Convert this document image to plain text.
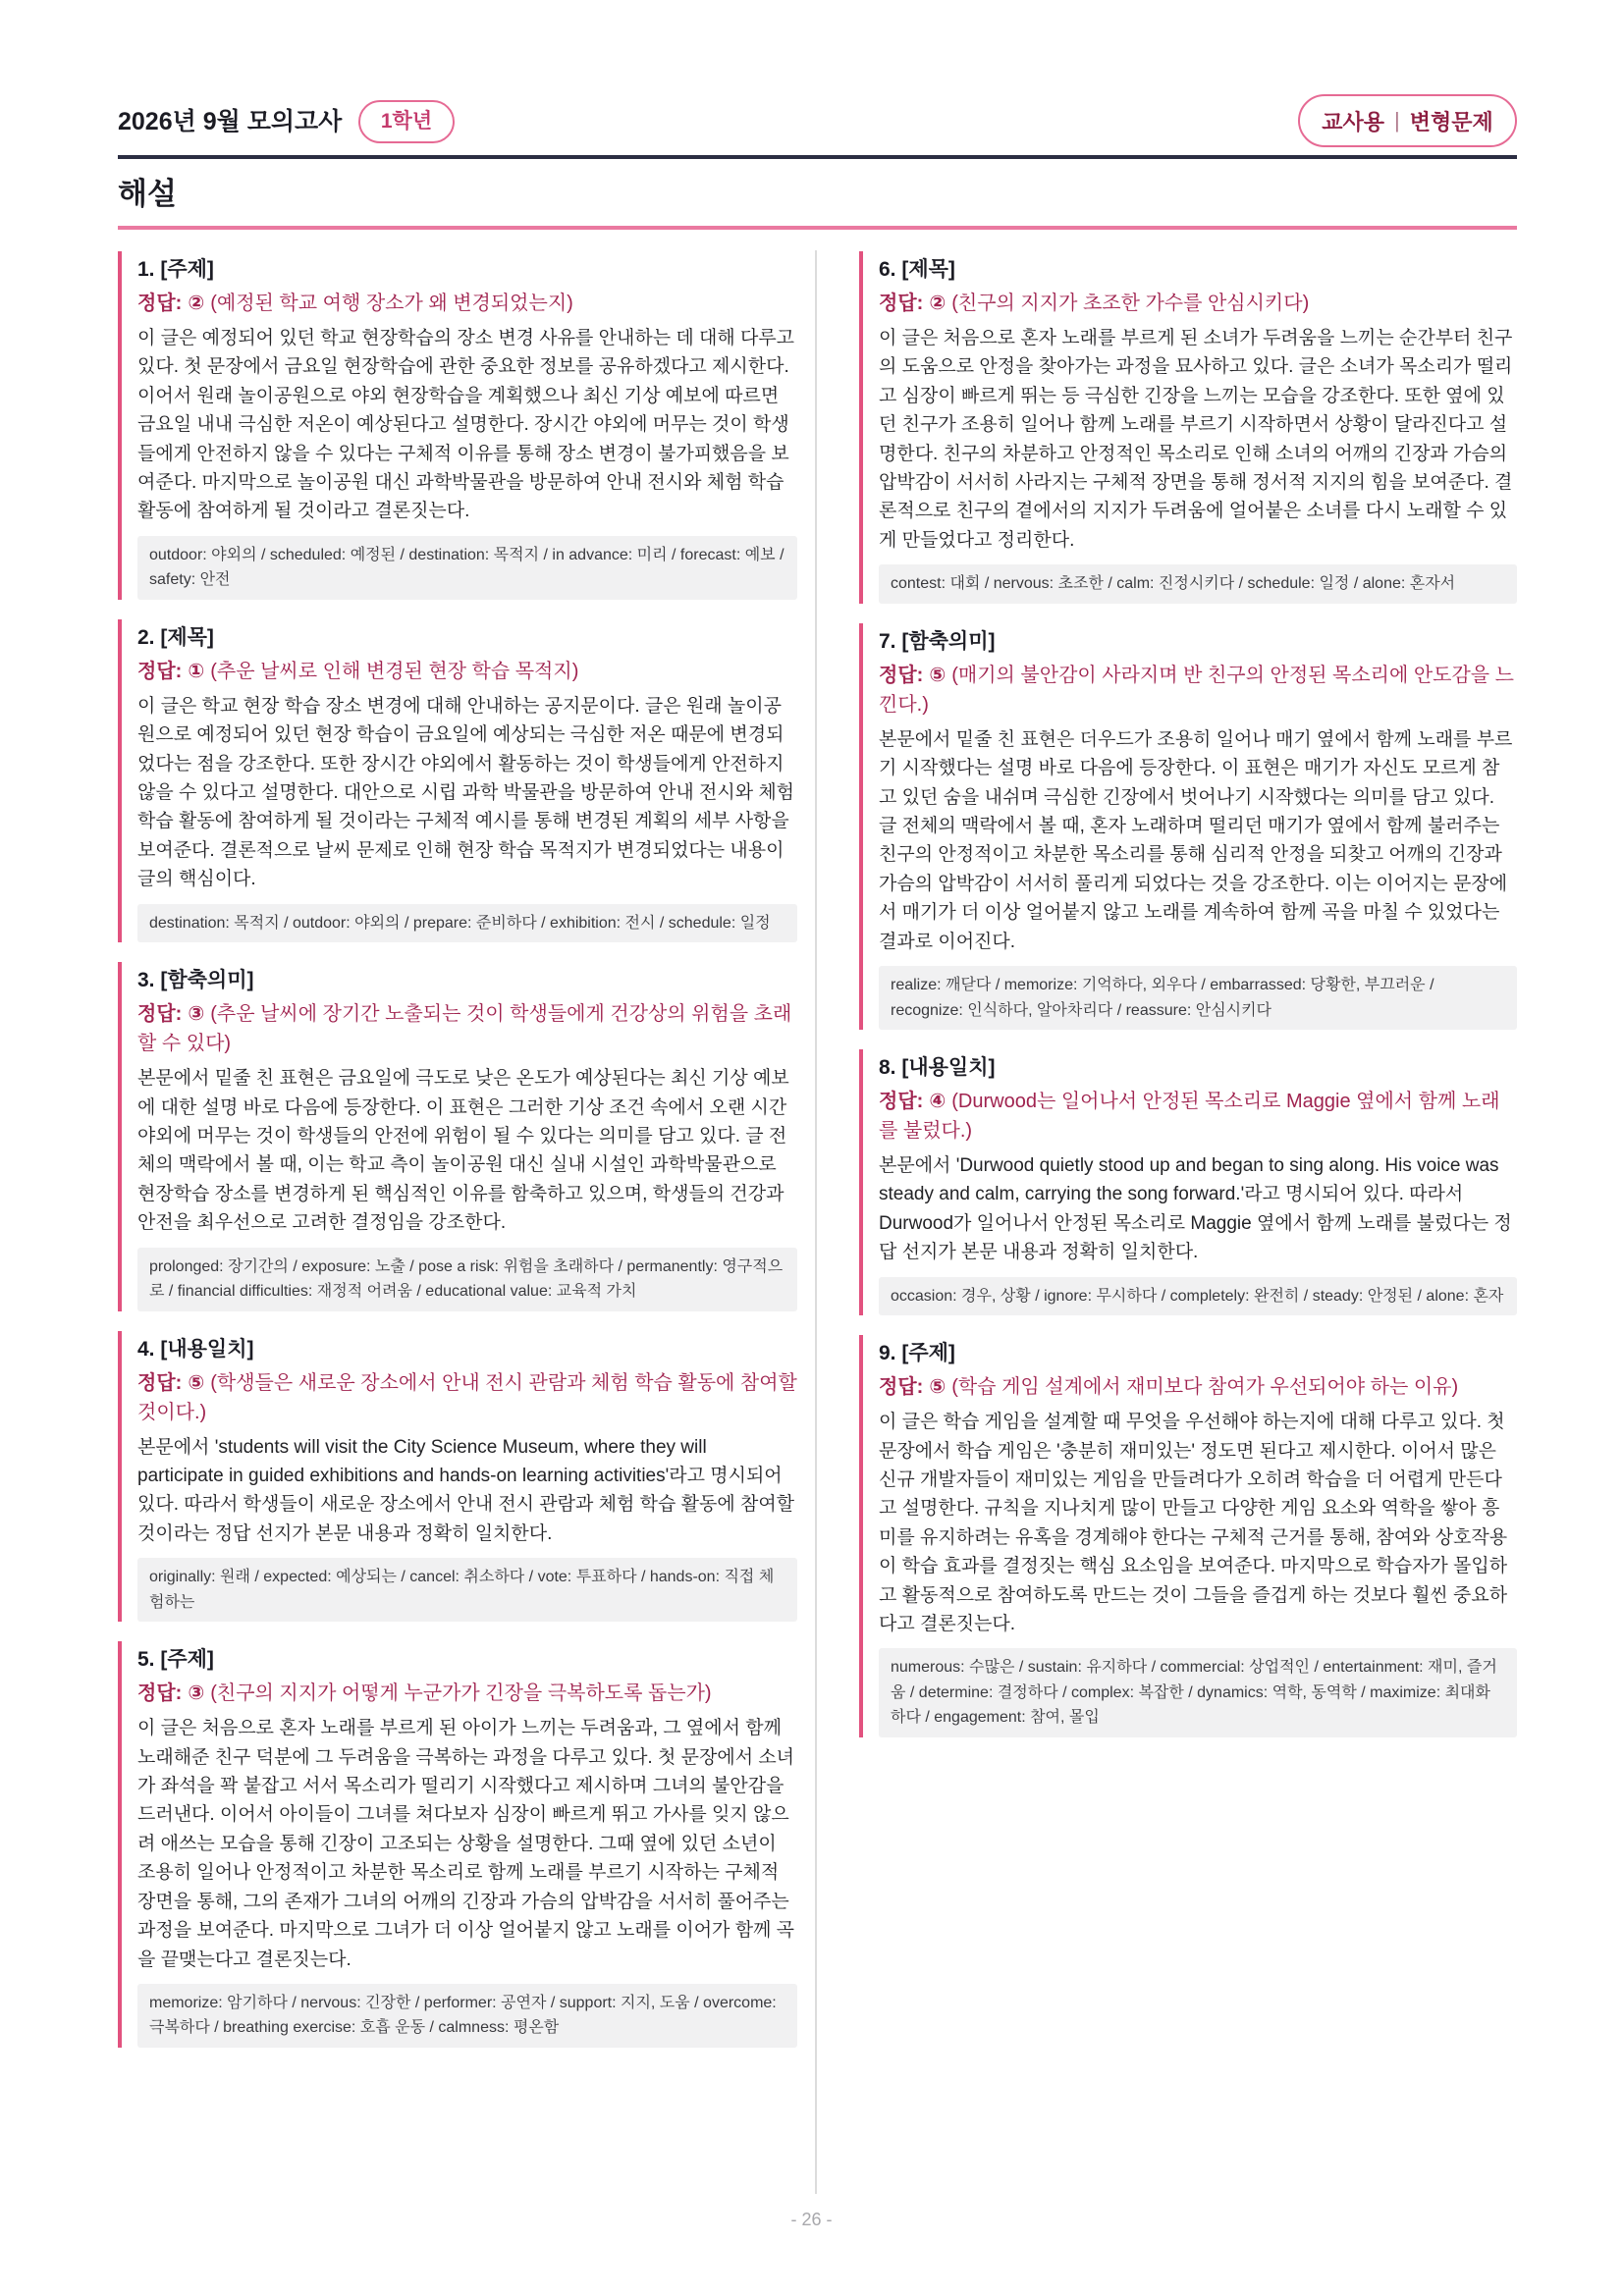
2026년 9월 모의고사	1학년	교사용 | 변형문제
해설
1. [주제]
정답: ② (예정된 학교 여행 장소가 왜 변경되었는지)

이 글은 예정되어 있던 학교 현장학습의 장소 변경 사유를 안내하는 데 대해 다루고 있다. 첫 문장에서 금요일 현장학습에 관한 중요한 정보를 공유하겠다고 제시한다. 이어서 원래 놀이공원으로 야외 현장학습을 계획했으나 최신 기상 예보에 따르면 금요일 내내 극심한 저온이 예상된다고 설명한다. 장시간 야외에 머무는 것이 학생들에게 안전하지 않을 수 있다는 구체적 이유를 통해 장소 변경이 불가피했음을 보여준다. 마지막으로 놀이공원 대신 과학박물관을 방문하여 안내 전시와 체험 학습 활동에 참여하게 될 것이라고 결론짓는다.

outdoor: 야외의 / scheduled: 예정된 / destination: 목적지 / in advance: 미리 / forecast: 예보 / safety: 안전
2. [제목]
정답: ① (추운 날씨로 인해 변경된 현장 학습 목적지)

이 글은 학교 현장 학습 장소 변경에 대해 안내하는 공지문이다. 글은 원래 놀이공원으로 예정되어 있던 현장 학습이 금요일에 예상되는 극심한 저온 때문에 변경되었다는 점을 강조한다. 또한 장시간 야외에서 활동하는 것이 학생들에게 안전하지 않을 수 있다고 설명한다. 대안으로 시립 과학 박물관을 방문하여 안내 전시와 체험 학습 활동에 참여하게 될 것이라는 구체적 예시를 통해 변경된 계획의 세부 사항을 보여준다. 결론적으로 날씨 문제로 인해 현장 학습 목적지가 변경되었다는 내용이 글의 핵심이다.

destination: 목적지 / outdoor: 야외의 / prepare: 준비하다 / exhibition: 전시 / schedule: 일정
3. [함축의미]
정답: ③ (추운 날씨에 장기간 노출되는 것이 학생들에게 건강상의 위험을 초래할 수 있다)

본문에서 밑줄 친 표현은 금요일에 극도로 낮은 온도가 예상된다는 최신 기상 예보에 대한 설명 바로 다음에 등장한다. 이 표현은 그러한 기상 조건 속에서 오랜 시간 야외에 머무는 것이 학생들의 안전에 위험이 될 수 있다는 의미를 담고 있다. 글 전체의 맥락에서 볼 때, 이는 학교 측이 놀이공원 대신 실내 시설인 과학박물관으로 현장학습 장소를 변경하게 된 핵심적인 이유를 함축하고 있으며, 학생들의 건강과 안전을 최우선으로 고려한 결정임을 강조한다.

prolonged: 장기간의 / exposure: 노출 / pose a risk: 위험을 초래하다 / permanently: 영구적으로 / financial difficulties: 재정적 어려움 / educational value: 교육적 가치
4. [내용일치]
정답: ⑤ (학생들은 새로운 장소에서 안내 전시 관람과 체험 학습 활동에 참여할 것이다.)

본문에서 'students will visit the City Science Museum, where they will participate in guided exhibitions and hands-on learning activities'라고 명시되어 있다. 따라서 학생들이 새로운 장소에서 안내 전시 관람과 체험 학습 활동에 참여할 것이라는 정답 선지가 본문 내용과 정확히 일치한다.

originally: 원래 / expected: 예상되는 / cancel: 취소하다 / vote: 투표하다 / hands-on: 직접 체험하는
5. [주제]
정답: ③ (친구의 지지가 어떻게 누군가가 긴장을 극복하도록 돕는가)

이 글은 처음으로 혼자 노래를 부르게 된 아이가 느끼는 두려움과, 그 옆에서 함께 노래해준 친구 덕분에 그 두려움을 극복하는 과정을 다루고 있다. 첫 문장에서 소녀가 좌석을 꽉 붙잡고 서서 목소리가 떨리기 시작했다고 제시하며 그녀의 불안감을 드러낸다. 이어서 아이들이 그녀를 쳐다보자 심장이 빠르게 뛰고 가사를 잊지 않으려 애쓰는 모습을 통해 긴장이 고조되는 상황을 설명한다. 그때 옆에 있던 소년이 조용히 일어나 안정적이고 차분한 목소리로 함께 노래를 부르기 시작하는 구체적 장면을 통해, 그의 존재가 그녀의 어깨의 긴장과 가슴의 압박감을 서서히 풀어주는 과정을 보여준다. 마지막으로 그녀가 더 이상 얼어붙지 않고 노래를 이어가 함께 곡을 끝맺는다고 결론짓는다.

memorize: 암기하다 / nervous: 긴장한 / performer: 공연자 / support: 지지, 도움 / overcome: 극복하다 / breathing exercise: 호흡 운동 / calmness: 평온함
6. [제목]
정답: ② (친구의 지지가 초조한 가수를 안심시키다)

이 글은 처음으로 혼자 노래를 부르게 된 소녀가 두려움을 느끼는 순간부터 친구의 도움으로 안정을 찾아가는 과정을 묘사하고 있다. 글은 소녀가 목소리가 떨리고 심장이 빠르게 뛰는 등 극심한 긴장을 느끼는 모습을 강조한다. 또한 옆에 있던 친구가 조용히 일어나 함께 노래를 부르기 시작하면서 상황이 달라진다고 설명한다. 친구의 차분하고 안정적인 목소리로 인해 소녀의 어깨의 긴장과 가슴의 압박감이 서서히 사라지는 구체적 장면을 통해 정서적 지지의 힘을 보여준다. 결론적으로 친구의 곁에서의 지지가 두려움에 얼어붙은 소녀를 다시 노래할 수 있게 만들었다고 정리한다.

contest: 대회 / nervous: 초조한 / calm: 진정시키다 / schedule: 일정 / alone: 혼자서
7. [함축의미]
정답: ⑤ (매기의 불안감이 사라지며 반 친구의 안정된 목소리에 안도감을 느낀다.)

본문에서 밑줄 친 표현은 더우드가 조용히 일어나 매기 옆에서 함께 노래를 부르기 시작했다는 설명 바로 다음에 등장한다. 이 표현은 매기가 자신도 모르게 참고 있던 숨을 내쉬며 극심한 긴장에서 벗어나기 시작했다는 의미를 담고 있다. 글 전체의 맥락에서 볼 때, 혼자 노래하며 떨리던 매기가 옆에서 함께 불러주는 친구의 안정적이고 차분한 목소리를 통해 심리적 안정을 되찾고 어깨의 긴장과 가슴의 압박감이 서서히 풀리게 되었다는 것을 강조한다. 이는 이어지는 문장에서 매기가 더 이상 얼어붙지 않고 노래를 계속하여 함께 곡을 마칠 수 있었다는 결과로 이어진다.

realize: 깨닫다 / memorize: 기억하다, 외우다 / embarrassed: 당황한, 부끄러운 / recognize: 인식하다, 알아차리다 / reassure: 안심시키다
8. [내용일치]
정답: ④ (Durwood는 일어나서 안정된 목소리로 Maggie 옆에서 함께 노래를 불렀다.)

본문에서 'Durwood quietly stood up and began to sing along. His voice was steady and calm, carrying the song forward.'라고 명시되어 있다. 따라서 Durwood가 일어나서 안정된 목소리로 Maggie 옆에서 함께 노래를 불렀다는 정답 선지가 본문 내용과 정확히 일치한다.

occasion: 경우, 상황 / ignore: 무시하다 / completely: 완전히 / steady: 안정된 / alone: 혼자
9. [주제]
정답: ⑤ (학습 게임 설계에서 재미보다 참여가 우선되어야 하는 이유)

이 글은 학습 게임을 설계할 때 무엇을 우선해야 하는지에 대해 다루고 있다. 첫 문장에서 학습 게임은 '충분히 재미있는' 정도면 된다고 제시한다. 이어서 많은 신규 개발자들이 재미있는 게임을 만들려다가 오히려 학습을 더 어렵게 만든다고 설명한다. 규칙을 지나치게 많이 만들고 다양한 게임 요소와 역학을 쌓아 흥미를 유지하려는 유혹을 경계해야 한다는 구체적 근거를 통해, 참여와 상호작용이 학습 효과를 결정짓는 핵심 요소임을 보여준다. 마지막으로 학습자가 몰입하고 활동적으로 참여하도록 만드는 것이 그들을 즐겁게 하는 것보다 훨씬 중요하다고 결론짓는다.

numerous: 수많은 / sustain: 유지하다 / commercial: 상업적인 / entertainment: 재미, 즐거움 / determine: 결정하다 / complex: 복잡한 / dynamics: 역학, 동역학 / maximize: 최대화하다 / engagement: 참여, 몰입
- 26 -
